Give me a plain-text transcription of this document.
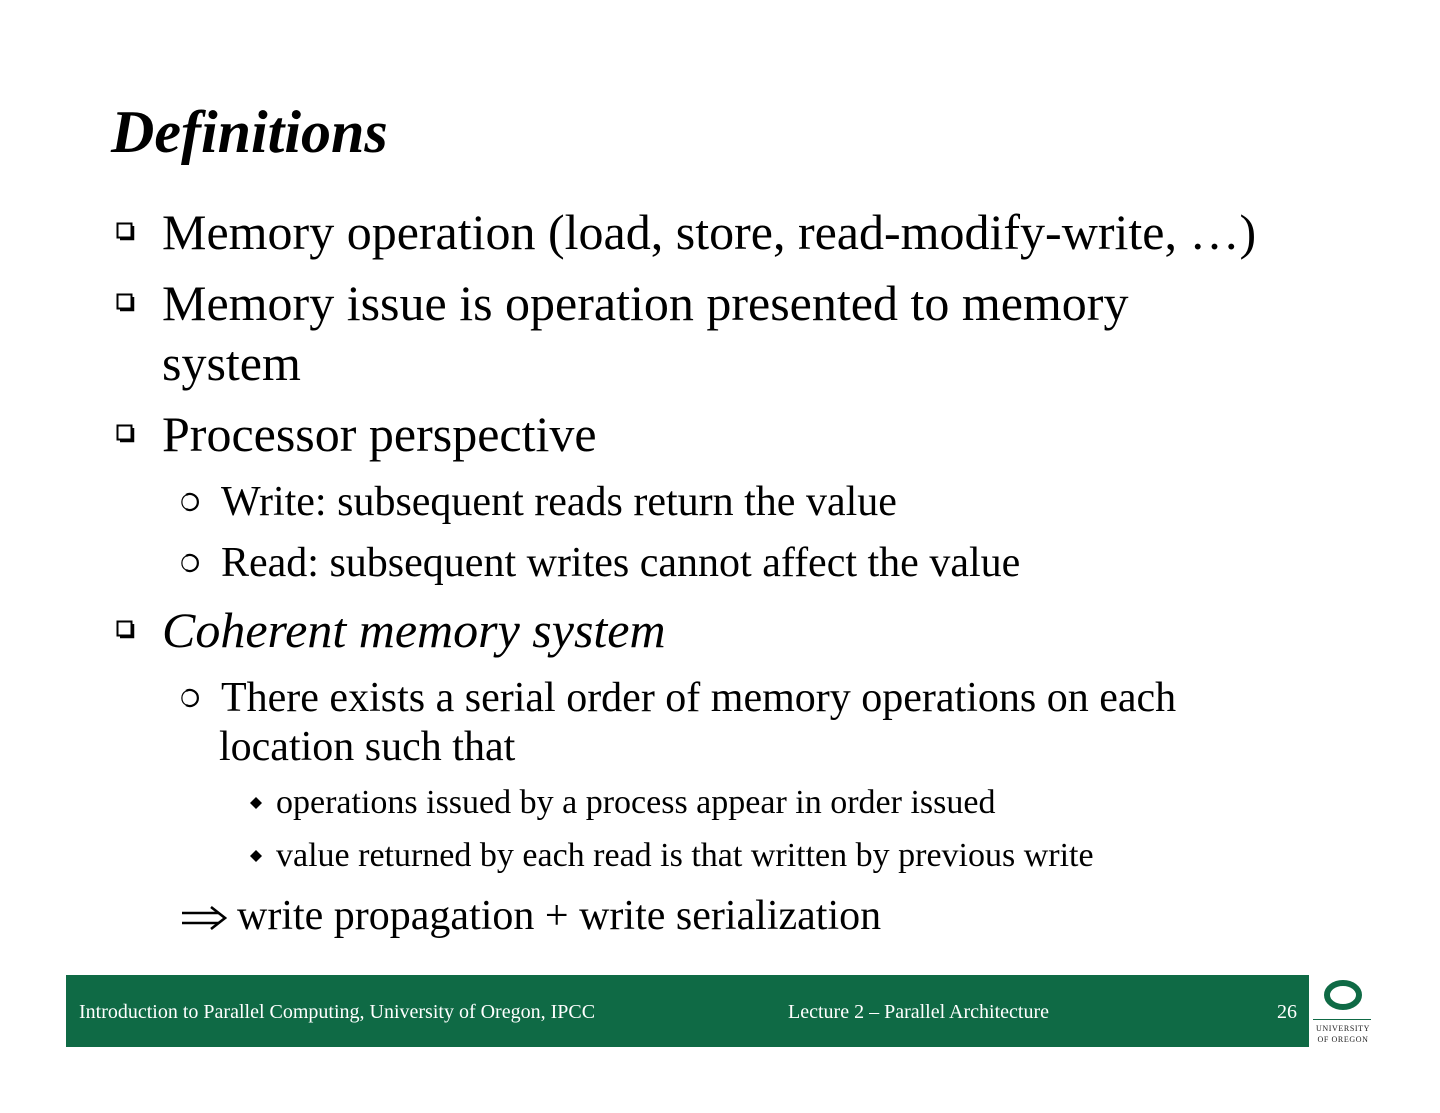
Definitions
Memory operation (load, store, read-modify-write, …)
Memory issue is operation presented to memory
system
Processor perspective
Write: subsequent reads return the value
Read: subsequent writes cannot affect the value
Coherent memory system
There exists a serial order of memory operations on each
location such that
operations issued by a process appear in order issued
value returned by each read is that written by previous write
write propagation + write serialization
Introduction to Parallel Computing, University of Oregon, IPCC	Lecture 2 – Parallel Architecture	26
UNIVERSITY
OF OREGON
